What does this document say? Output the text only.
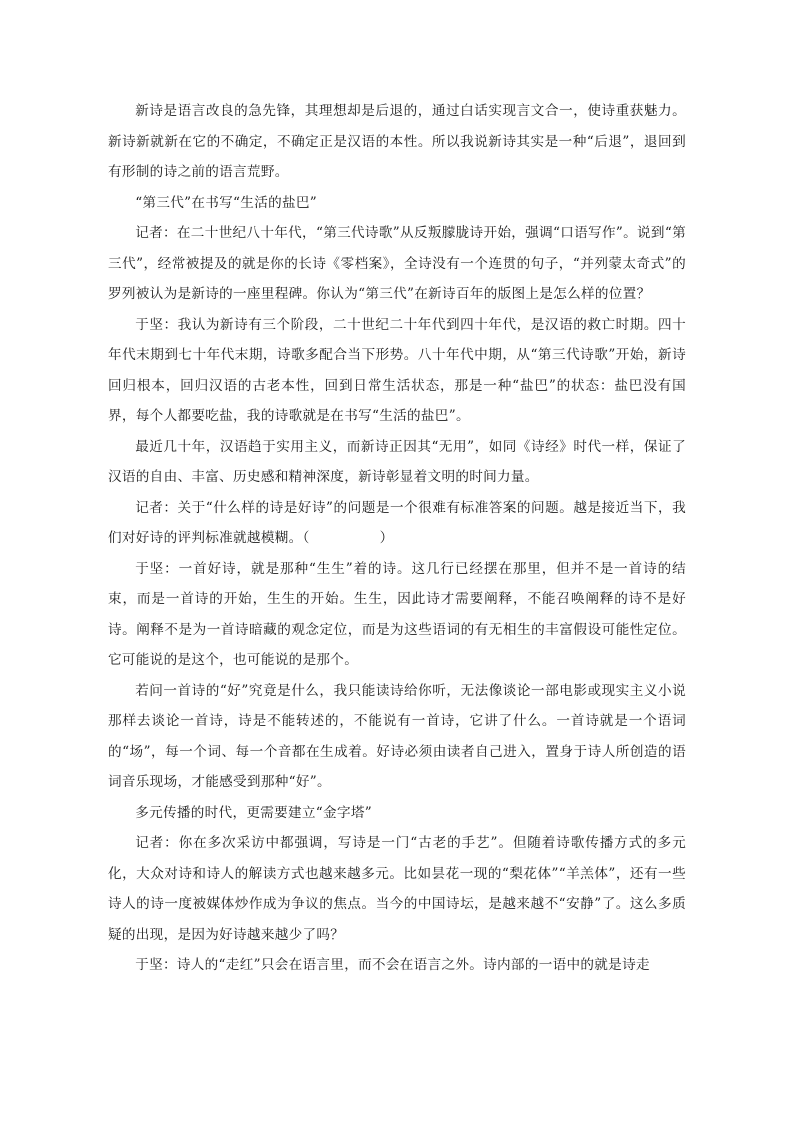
新诗是语言改良的急先锋，其理想却是后退的，通过白话实现言文合一，使诗重获魅力。新诗新就新在它的不确定，不确定正是汉语的本性。所以我说新诗其实是一种“后退”，退回到有形制的诗之前的语言荒野。

“第三代”在书写“生活的盐巴”

记者：在二十世纪八十年代，“第三代诗歌”从反叛朦胧诗开始，强调“口语写作”。说到“第三代”，经常被提及的就是你的长诗《零档案》，全诗没有一个连贯的句子，“并列蒙太奇式”的罗列被认为是新诗的一座里程碑。你认为“第三代”在新诗百年的版图上是怎么样的位置？

于坚：我认为新诗有三个阶段，二十世纪二十年代到四十年代，是汉语的救亡时期。四十年代末期到七十年代末期，诗歌多配合当下形势。八十年代中期，从“第三代诗歌”开始，新诗回归根本，回归汉语的古老本性，回到日常生活状态，那是一种“盐巴”的状态：盐巴没有国界，每个人都要吃盐，我的诗歌就是在书写“生活的盐巴”。

最近几十年，汉语趋于实用主义，而新诗正因其“无用”，如同《诗经》时代一样，保证了汉语的自由、丰富、历史感和精神深度，新诗彰显着文明的时间力量。

记者：关于“什么样的诗是好诗”的问题是一个很难有标准答案的问题。越是接近当下，我们对好诗的评判标准就越模糊。（	）

于坚：一首好诗，就是那种“生生”着的诗。这几行已经摆在那里，但并不是一首诗的结束，而是一首诗的开始，生生的开始。生生，因此诗才需要阐释，不能召唤阐释的诗不是好诗。阐释不是为一首诗暗藏的观念定位，而是为这些语词的有无相生的丰富假设可能性定位。它可能说的是这个，也可能说的是那个。

若问一首诗的“好”究竟是什么，我只能读诗给你听，无法像谈论一部电影或现实主义小说那样去谈论一首诗，诗是不能转述的，不能说有一首诗，它讲了什么。一首诗就是一个语词的“场”，每一个词、每一个音都在生成着。好诗必须由读者自己进入，置身于诗人所创造的语词音乐现场，才能感受到那种“好”。

多元传播的时代，更需要建立“金字塔”

记者：你在多次采访中都强调，写诗是一门“古老的手艺”。但随着诗歌传播方式的多元化，大众对诗和诗人的解读方式也越来越多元。比如昙花一现的“梨花体”“羊羔体”，还有一些诗人的诗一度被媒体炒作成为争议的焦点。当今的中国诗坛，是越来越不“安静”了。这么多质疑的出现，是因为好诗越来越少了吗？

于坚：诗人的“走红”只会在语言里，而不会在语言之外。诗内部的一语中的就是诗走
